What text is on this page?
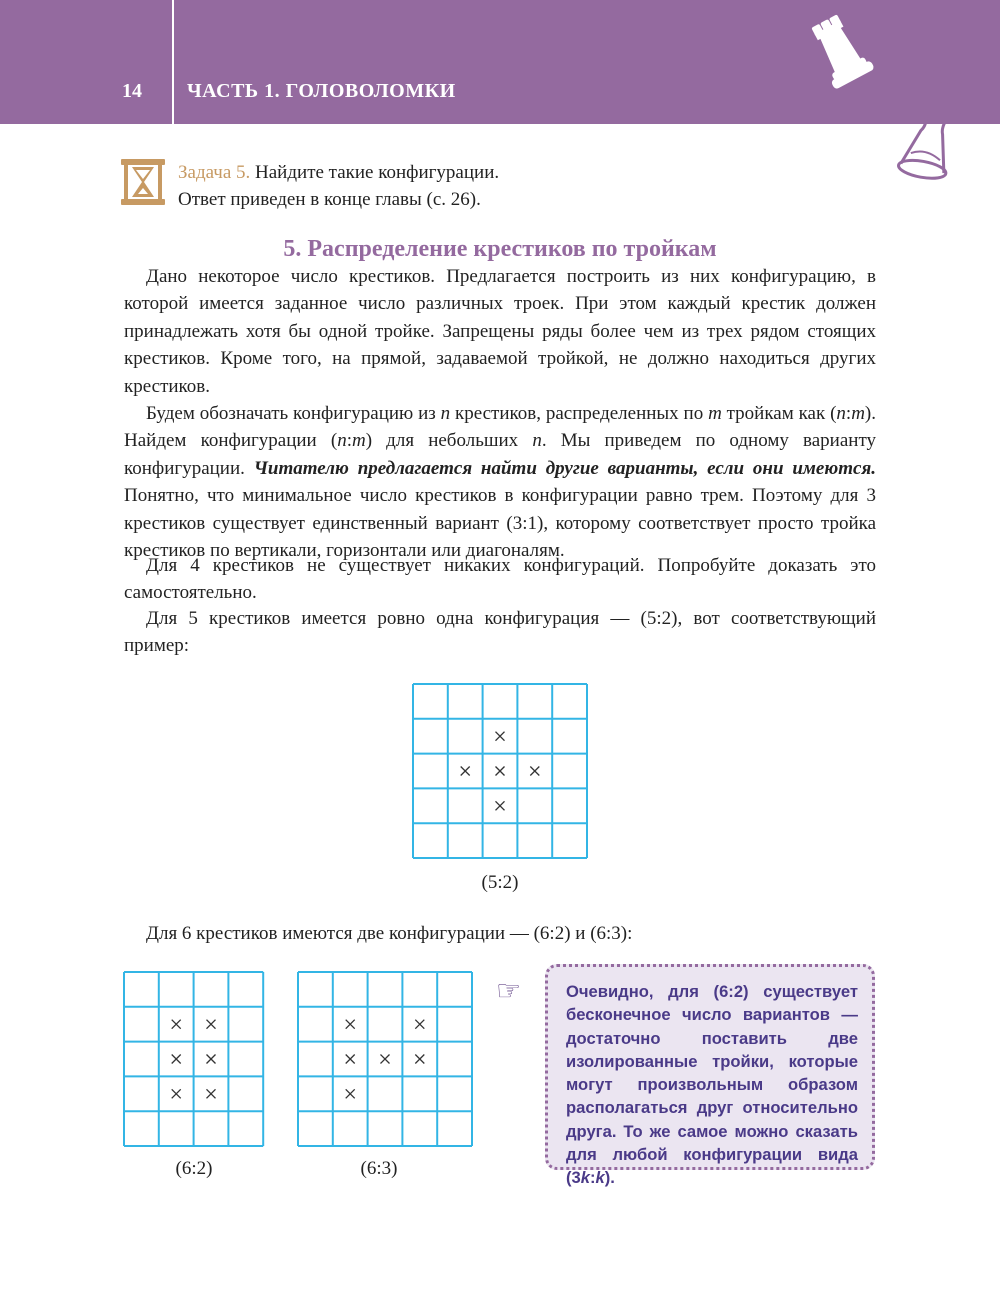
14 ЧАСТЬ 1. ГОЛОВОЛОМКИ
Задача 5. Найдите такие конфигурации.
Ответ приведен в конце главы (с. 26).
5. Распределение крестиков по тройкам

Дано некоторое число крестиков. Предлагается построить из них конфигурацию, в которой имеется заданное число различных троек. При этом каждый крестик должен принадлежать хотя бы одной тройке. Запрещены ряды более чем из трех рядом стоящих крестиков. Кроме того, на прямой, задаваемой тройкой, не должно находиться других крестиков.

Будем обозначать конфигурацию из n крестиков, распределенных по m тройкам как (n:m). Найдем конфигурации (n:m) для небольших n. Мы приведем по одному варианту конфигурации. Читателю предлагается найти другие варианты, если они имеются. Понятно, что минимальное число крестиков в конфигурации равно трем. Поэтому для 3 крестиков существует единственный вариант (3:1), которому соответствует просто тройка крестиков по вертикали, горизонтали или диагоналям.

Для 4 крестиков не существует никаких конфигураций. Попробуйте доказать это самостоятельно.

Для 5 крестиков имеется ровно одна конфигурация — (5:2), вот соответствующий пример:

(5:2)

Для 6 крестиков имеются две конфигурации — (6:2) и (6:3):

(6:2)	(6:3)
☞	Очевидно, для (6:2) существует бесконечное число вариантов — достаточно поставить две изолированные тройки, которые могут произвольным образом располагаться друг относительно друга. То же самое можно сказать для любой конфигурации вида (3k:k).
